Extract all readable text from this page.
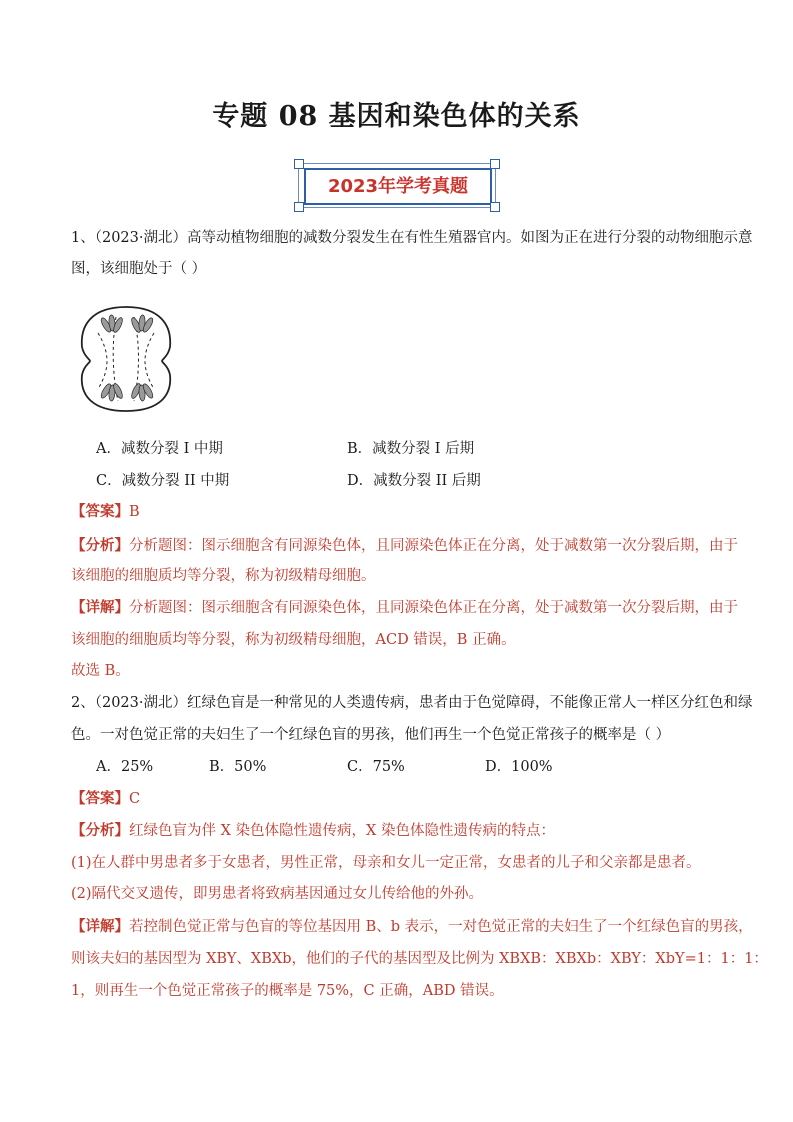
专题 08 基因和染色体的关系
2023年学考真题
1、（2023·湖北）高等动植物细胞的减数分裂发生在有性生殖器官内。如图为正在进行分裂的动物细胞示意
图，该细胞处于（ ）
A．减数分裂 I 中期	B．减数分裂 I 后期
C．减数分裂 II 中期	D．减数分裂 II 后期
【答案】B
【分析】分析题图：图示细胞含有同源染色体，且同源染色体正在分离，处于减数第一次分裂后期，由于
该细胞的细胞质均等分裂，称为初级精母细胞。
【详解】分析题图：图示细胞含有同源染色体，且同源染色体正在分离，处于减数第一次分裂后期，由于
该细胞的细胞质均等分裂，称为初级精母细胞，ACD 错误，B 正确。
故选 B。
2、（2023·湖北）红绿色盲是一种常见的人类遗传病，患者由于色觉障碍，不能像正常人一样区分红色和绿
色。一对色觉正常的夫妇生了一个红绿色盲的男孩，他们再生一个色觉正常孩子的概率是（ ）
A．25%	B．50%	C．75%	D．100%
【答案】C
【分析】红绿色盲为伴 X 染色体隐性遗传病，X 染色体隐性遗传病的特点：
(1)在人群中男患者多于女患者，男性正常，母亲和女儿一定正常，女患者的儿子和父亲都是患者。
(2)隔代交叉遗传，即男患者将致病基因通过女儿传给他的外孙。
【详解】若控制色觉正常与色盲的等位基因用 B、b 表示，一对色觉正常的夫妇生了一个红绿色盲的男孩，
则该夫妇的基因型为 XBY、XBXb，他们的子代的基因型及比例为 XBXB：XBXb：XBY：XbY=1：1：1：
1，则再生一个色觉正常孩子的概率是 75%，C 正确，ABD 错误。
